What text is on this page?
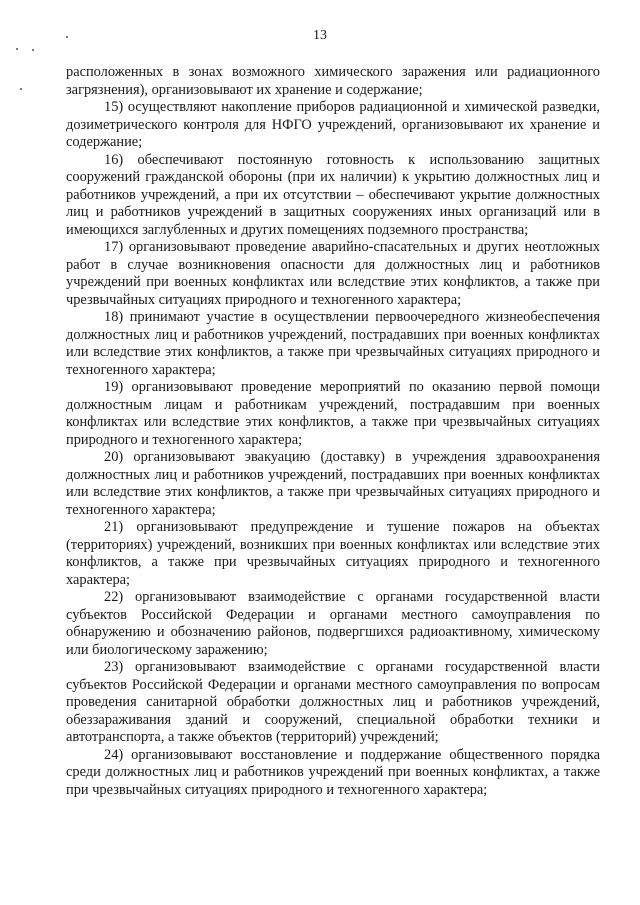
13

расположенных в зонах возможного химического заражения или радиационного загрязнения), организовывают их хранение и содержание;

15) осуществляют накопление приборов радиационной и химической разведки, дозиметрического контроля для НФГО учреждений, организовывают их хранение и содержание;

16) обеспечивают постоянную готовность к использованию защитных сооружений гражданской обороны (при их наличии) к укрытию должностных лиц и работников учреждений, а при их отсутствии – обеспечивают укрытие должностных лиц и работников учреждений в защитных сооружениях иных организаций или в имеющихся заглубленных и других помещениях подземного пространства;

17) организовывают проведение аварийно-спасательных и других неотложных работ в случае возникновения опасности для должностных лиц и работников учреждений при военных конфликтах или вследствие этих конфликтов, а также при чрезвычайных ситуациях природного и техногенного характера;

18) принимают участие в осуществлении первоочередного жизнеобеспечения должностных лиц и работников учреждений, пострадавших при военных конфликтах или вследствие этих конфликтов, а также при чрезвычайных ситуациях природного и техногенного характера;

19) организовывают проведение мероприятий по оказанию первой помощи должностным лицам и работникам учреждений, пострадавшим при военных конфликтах или вследствие этих конфликтов, а также при чрезвычайных ситуациях природного и техногенного характера;

20) организовывают эвакуацию (доставку) в учреждения здравоохранения должностных лиц и работников учреждений, пострадавших при военных конфликтах или вследствие этих конфликтов, а также при чрезвычайных ситуациях природного и техногенного характера;

21) организовывают предупреждение и тушение пожаров на объектах (территориях) учреждений, возникших при военных конфликтах или вследствие этих конфликтов, а также при чрезвычайных ситуациях природного и техногенного характера;

22) организовывают взаимодействие с органами государственной власти субъектов Российской Федерации и органами местного самоуправления по обнаружению и обозначению районов, подвергшихся радиоактивному, химическому или биологическому заражению;

23) организовывают взаимодействие с органами государственной власти субъектов Российской Федерации и органами местного самоуправления по вопросам проведения санитарной обработки должностных лиц и работников учреждений, обеззараживания зданий и сооружений, специальной обработки техники и автотранспорта, а также объектов (территорий) учреждений;

24) организовывают восстановление и поддержание общественного порядка среди должностных лиц и работников учреждений при военных конфликтах, а также при чрезвычайных ситуациях природного и техногенного характера;
